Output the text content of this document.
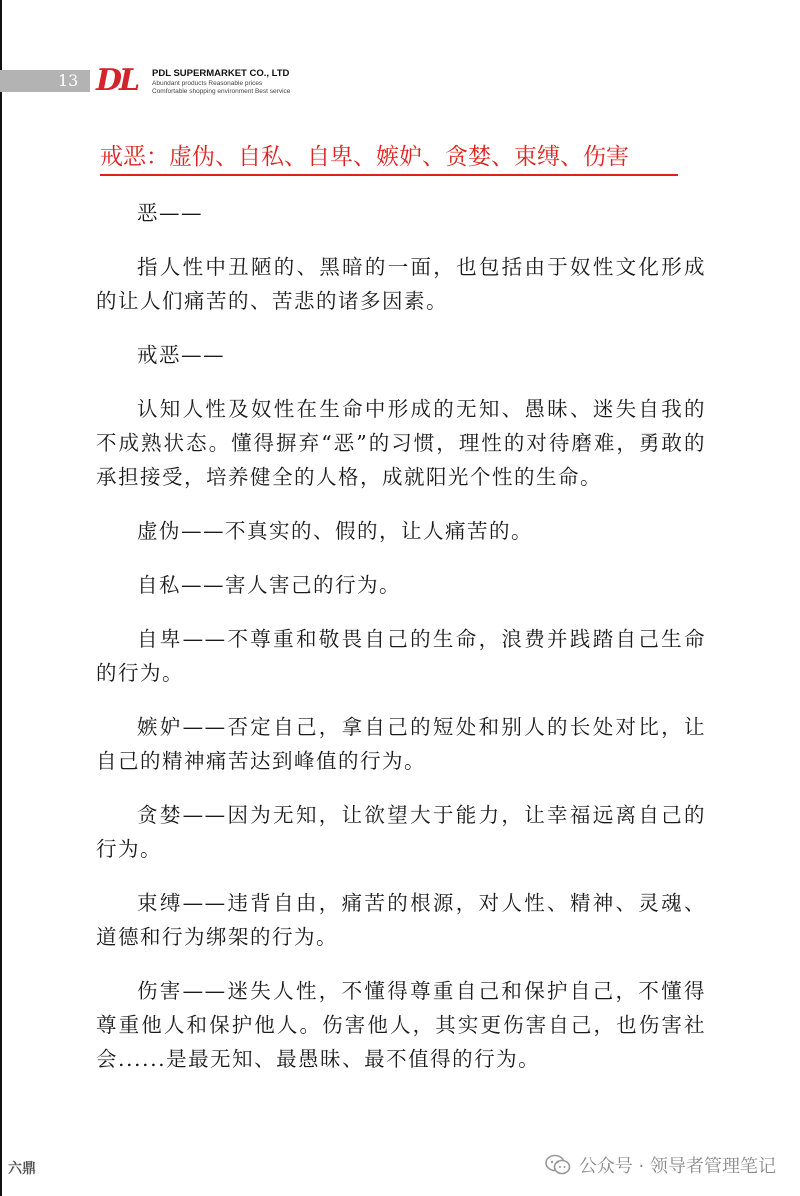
13 DL	PDL SUPERMARKET CO., LTD
Abundant products Reasonable prices
Comfortable shopping environment Best service
戒恶：虚伪、自私、自卑、嫉妒、贪婪、束缚、伤害

恶——

指人性中丑陋的、黑暗的一面，也包括由于奴性文化形成的让人们痛苦的、苦悲的诸多因素。

戒恶——

认知人性及奴性在生命中形成的无知、愚昧、迷失自我的不成熟状态。懂得摒弃“恶”的习惯，理性的对待磨难，勇敢的承担接受，培养健全的人格，成就阳光个性的生命。

虚伪——不真实的、假的，让人痛苦的。

自私——害人害己的行为。

自卑——不尊重和敬畏自己的生命，浪费并践踏自己生命的行为。

嫉妒——否定自己，拿自己的短处和别人的长处对比，让自己的精神痛苦达到峰值的行为。

贪婪——因为无知，让欲望大于能力，让幸福远离自己的行为。

束缚——违背自由，痛苦的根源，对人性、精神、灵魂、道德和行为绑架的行为。

伤害——迷失人性，不懂得尊重自己和保护自己，不懂得尊重他人和保护他人。伤害他人，其实更伤害自己，也伤害社会......是最无知、最愚昧、最不值得的行为。

六鼎	公众号 · 领导者管理笔记
